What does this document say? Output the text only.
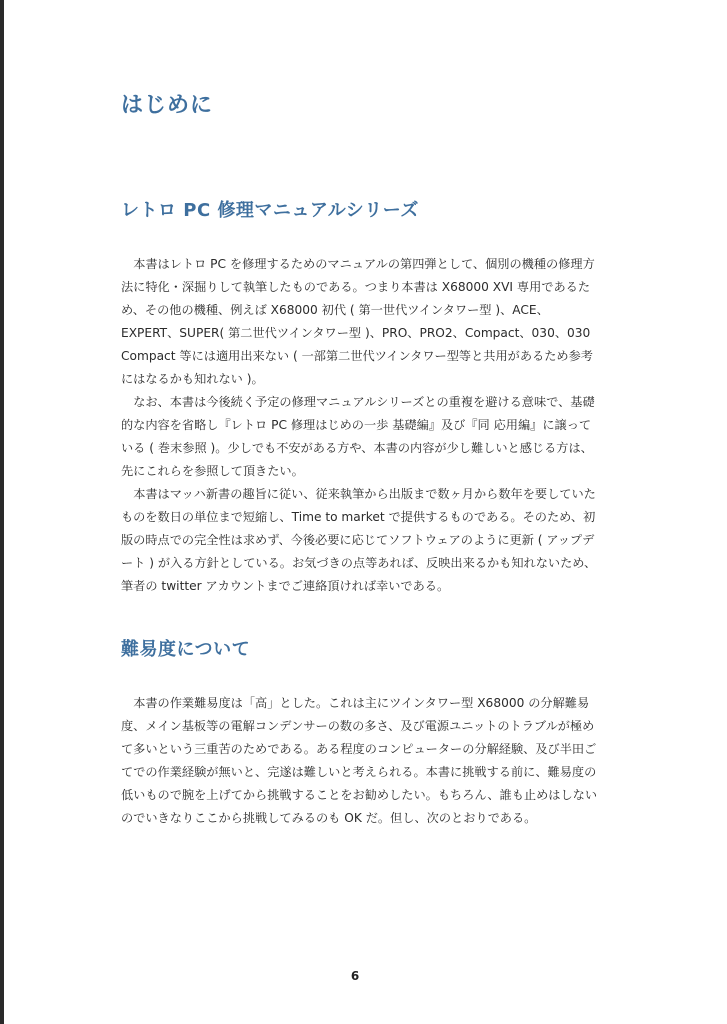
はじめに
レトロ PC 修理マニュアルシリーズ

本書はレトロ PC を修理するためのマニュアルの第四弾として、個別の機種の修理方法に特化・深掘りして執筆したものである。つまり本書は X68000 XVI 専用であるため、その他の機種、例えば X68000 初代 ( 第一世代ツインタワー型 )、ACE、EXPERT、SUPER( 第二世代ツインタワー型 )、PRO、PRO2、Compact、030、030 Compact 等には適用出来ない ( 一部第二世代ツインタワー型等と共用があるため参考にはなるかも知れない )。

なお、本書は今後続く予定の修理マニュアルシリーズとの重複を避ける意味で、基礎的な内容を省略し『レトロ PC 修理はじめの一歩 基礎編』及び『同 応用編』に譲っている ( 巻末参照 )。少しでも不安がある方や、本書の内容が少し難しいと感じる方は、先にこれらを参照して頂きたい。

本書はマッハ新書の趣旨に従い、従来執筆から出版まで数ヶ月から数年を要していたものを数日の単位まで短縮し、Time to market で提供するものである。そのため、初版の時点での完全性は求めず、今後必要に応じてソフトウェアのように更新 ( アップデート ) が入る方針としている。お気づきの点等あれば、反映出来るかも知れないため、筆者の twitter アカウントまでご連絡頂ければ幸いである。

難易度について

本書の作業難易度は「高」とした。これは主にツインタワー型 X68000 の分解難易度、メイン基板等の電解コンデンサーの数の多さ、及び電源ユニットのトラブルが極めて多いという三重苦のためである。ある程度のコンピューターの分解経験、及び半田ごてでの作業経験が無いと、完遂は難しいと考えられる。本書に挑戦する前に、難易度の低いもので腕を上げてから挑戦することをお勧めしたい。もちろん、誰も止めはしないのでいきなりここから挑戦してみるのも OK だ。但し、次のとおりである。

6
